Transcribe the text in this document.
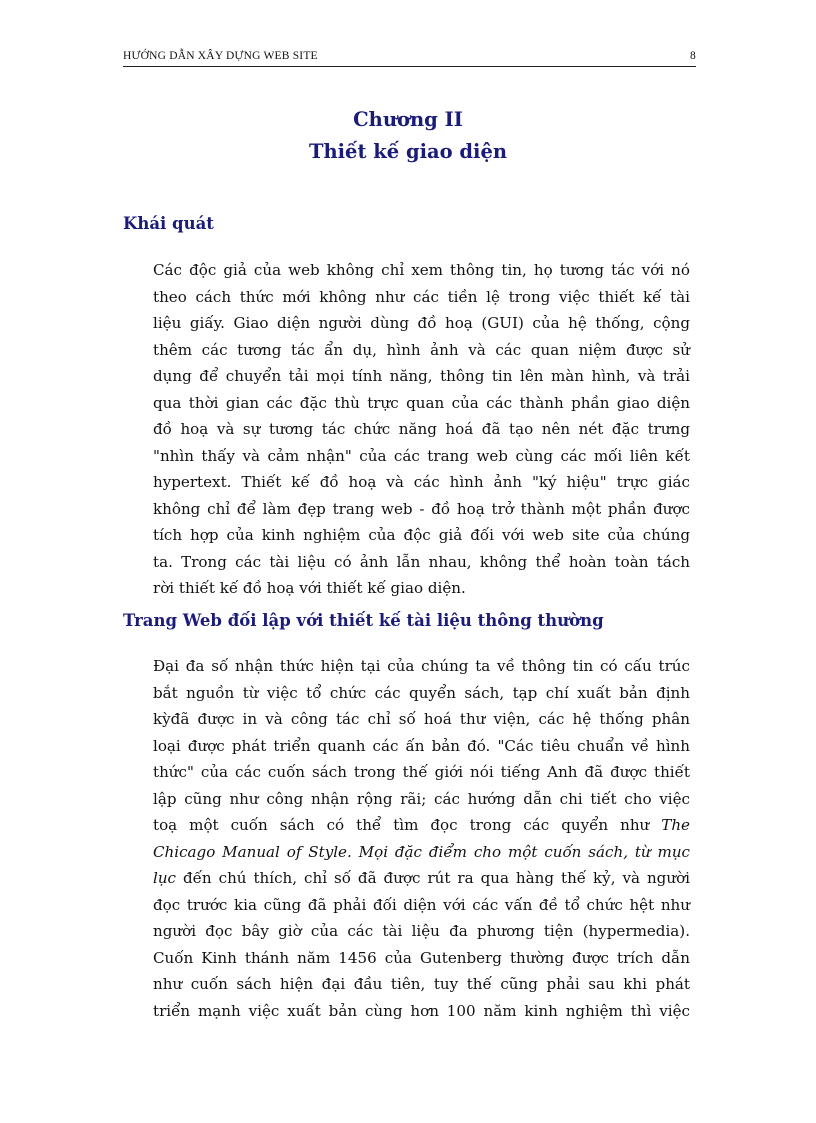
HƯỚNG DẪN XÂY DỰNG WEB SITE	8
Chương II
Thiết kế giao diện
Khái quát
Các độc giả của web không chỉ xem thông tin, họ tương tác với nó
theo cách thức mới không như các tiền lệ trong việc thiết kế tài
liệu giấy. Giao diện người dùng đồ hoạ (GUI) của hệ thống, cộng
thêm các tương tác ẩn dụ, hình ảnh và các quan niệm được sử
dụng để chuyển tải mọi tính năng, thông tin lên màn hình, và trải
qua thời gian các đặc thù trực quan của các thành phần giao diện
đồ hoạ và sự tương tác chức năng hoá đã tạo nên nét đặc trưng
"nhìn thấy và cảm nhận" của các trang web cùng các mối liên kết
hypertext. Thiết kế đồ hoạ và các hình ảnh "ký hiệu" trực giác
không chỉ để làm đẹp trang web - đồ hoạ trở thành một phần được
tích hợp của kinh nghiệm của độc giả đối với web site của chúng
ta. Trong các tài liệu có ảnh lẫn nhau, không thể hoàn toàn tách
rời thiết kế đồ hoạ với thiết kế giao diện.
Trang Web đối lập với thiết kế tài liệu thông thường
Đại đa số nhận thức hiện tại của chúng ta về thông tin có cấu trúc
bắt nguồn từ việc tổ chức các quyển sách, tạp chí xuất bản định
kỳđã được in và công tác chỉ số hoá thư viện, các hệ thống phân
loại được phát triển quanh các ấn bản đó. "Các tiêu chuẩn về hình
thức" của các cuốn sách trong thế giới nói tiếng Anh đã được thiết
lập cũng như công nhận rộng rãi; các hướng dẫn chi tiết cho việc
toạ một cuốn sách có thể tìm đọc trong các quyển như The
Chicago Manual of Style. Mọi đặc điểm cho một cuốn sách, từ mục
lục đến chú thích, chỉ số đã được rút ra qua hàng thế kỷ, và người
đọc trước kia cũng đã phải đối diện với các vấn đề tổ chức hệt như
người đọc bây giờ của các tài liệu đa phương tiện (hypermedia).
Cuốn Kinh thánh năm 1456 của Gutenberg thường được trích dẫn
như cuốn sách hiện đại đầu tiên, tuy thế cũng phải sau khi phát
triển mạnh việc xuất bản cùng hơn 100 năm kinh nghiệm thì việc
